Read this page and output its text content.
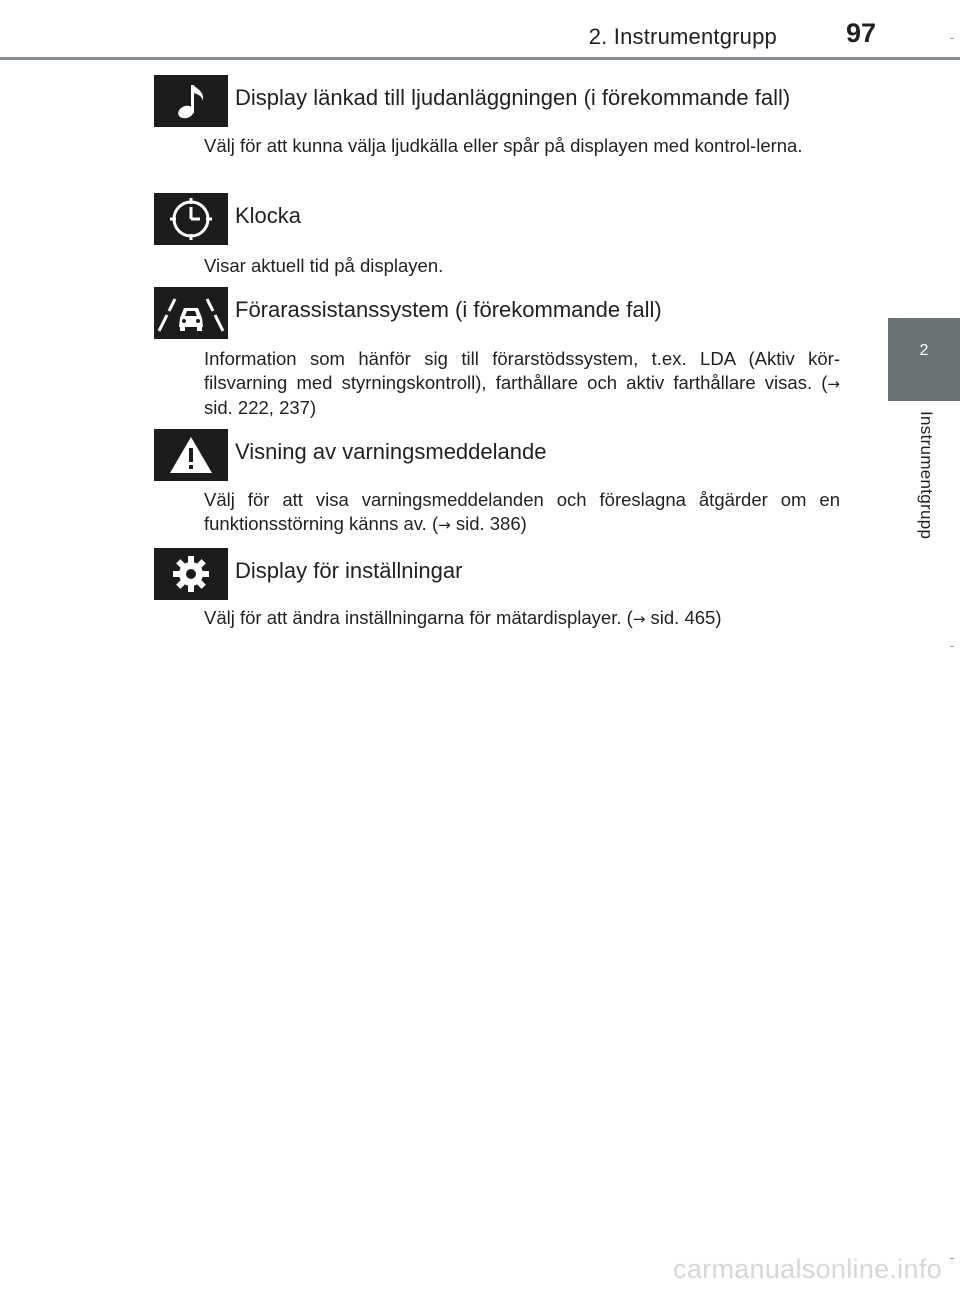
2. Instrumentgrupp	97
2
Instrumentgrupp
Display länkad till ljudanläggningen (i förekommande fall)
Välj för att kunna välja ljudkälla eller spår på displayen med kontrol-lerna.
Klocka
Visar aktuell tid på displayen.
Förarassistanssystem (i förekommande fall)
Information som hänför sig till förarstödssystem, t.ex. LDA (Aktiv kör-filsvarning med styrningskontroll), farthållare och aktiv farthållare visas. (→ sid. 222, 237)
Visning av varningsmeddelande
Välj för att visa varningsmeddelanden och föreslagna åtgärder om en funktionsstörning känns av. (→ sid. 386)
Display för inställningar
Välj för att ändra inställningarna för mätardisplayer. (→ sid. 465)
carmanualsonline.info
